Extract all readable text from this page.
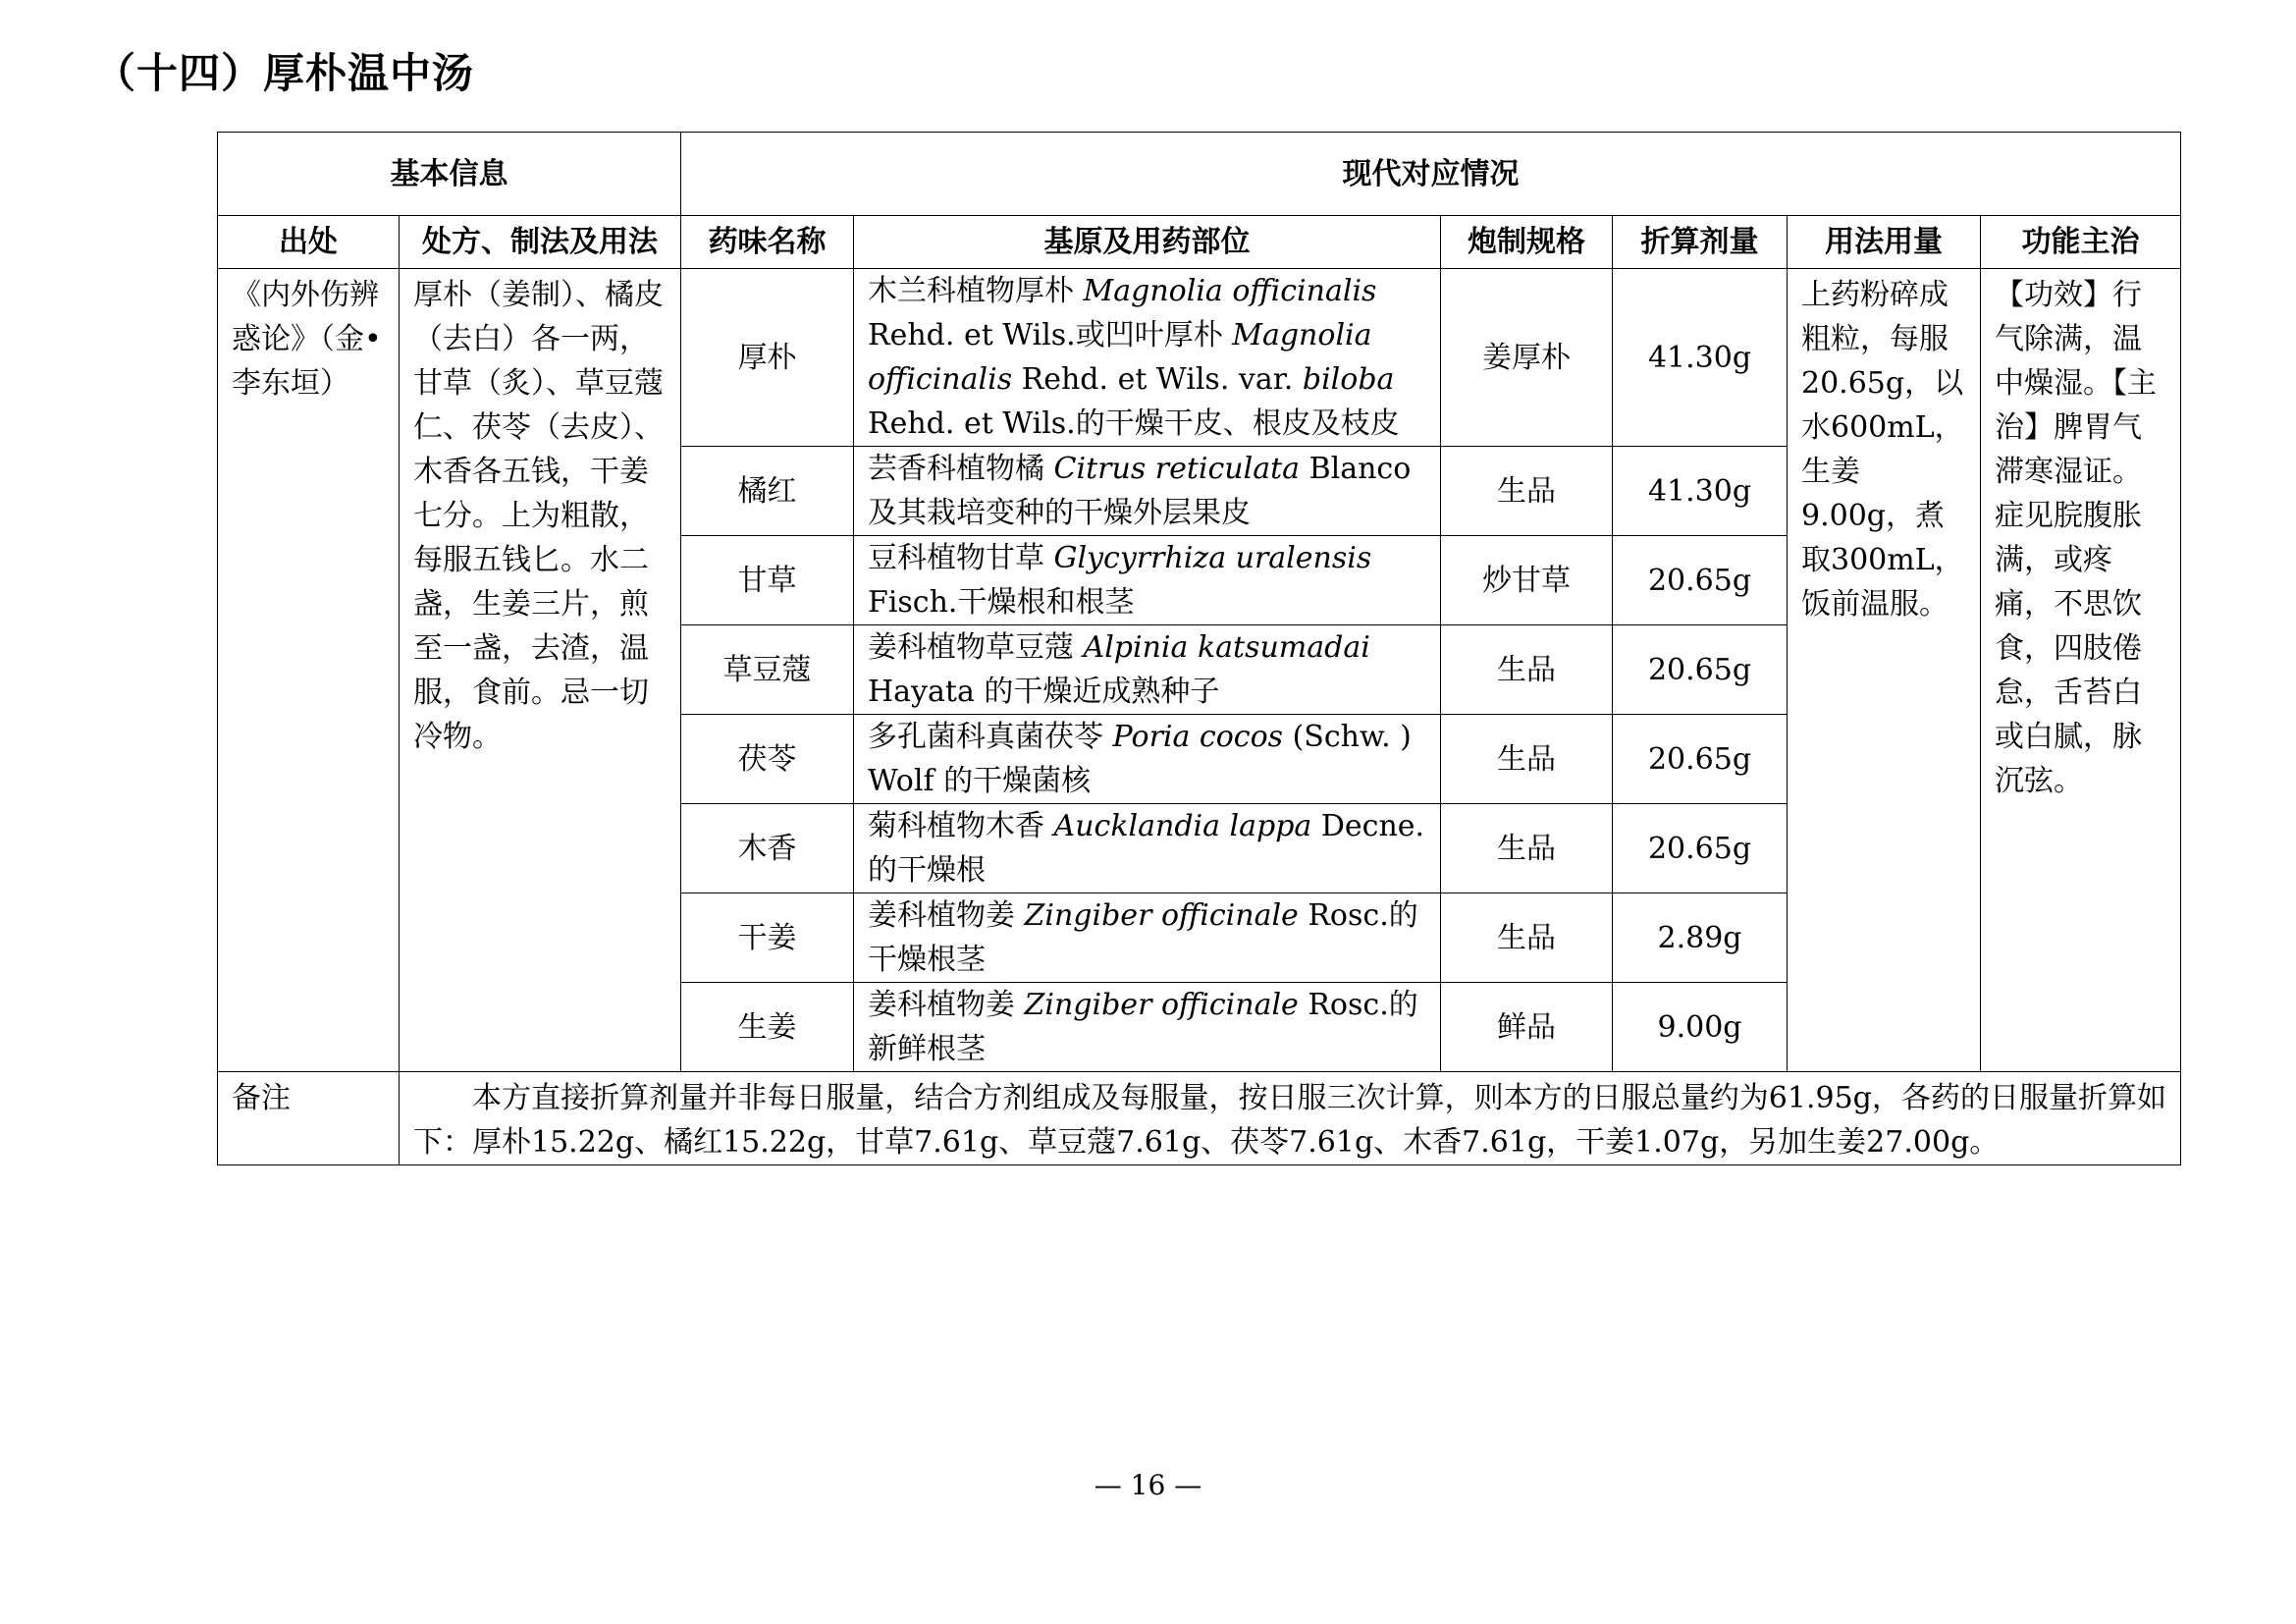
（十四）厚朴温中汤
基本信息		现代对应情况					
出处	处方、制法及用法	药味名称	基原及用药部位	炮制规格	折算剂量	用法用量	功能主治
《内外伤辨惑论》（金•李东垣）	厚朴（姜制）、橘皮（去白）各一两，甘草（炙）、草豆蔻仁、茯苓（去皮）、木香各五钱，干姜七分。上为粗散，每服五钱匕。水二盏，生姜三片，煎至一盏，去渣，温服，食前。忌一切冷物。	厚朴	木兰科植物厚朴 Magnolia officinalis Rehd. et Wils.或凹叶厚朴 Magnolia officinalis Rehd. et Wils. var. biloba Rehd. et Wils.的干燥干皮、根皮及枝皮	姜厚朴	41.30g	上药粉碎成粗粒，每服20.65g，以水600mL，生姜9.00g，煮取300mL，饭前温服。	【功效】行气除满，温中燥湿。【主治】脾胃气滞寒湿证。症见脘腹胀满，或疼痛，不思饮食，四肢倦怠，舌苔白或白腻，脉沉弦。
		橘红	芸香科植物橘 Citrus reticulata Blanco 及其栽培变种的干燥外层果皮	生品	41.30g		
		甘草	豆科植物甘草 Glycyrrhiza uralensis Fisch.干燥根和根茎	炒甘草	20.65g		
		草豆蔻	姜科植物草豆蔻 Alpinia katsumadai Hayata 的干燥近成熟种子	生品	20.65g		
		茯苓	多孔菌科真菌茯苓 Poria cocos (Schw. ) Wolf 的干燥菌核	生品	20.65g		
		木香	菊科植物木香 Aucklandia lappa Decne.的干燥根	生品	20.65g		
		干姜	姜科植物姜 Zingiber officinale Rosc.的干燥根茎	生品	2.89g		
		生姜	姜科植物姜 Zingiber officinale Rosc.的新鲜根茎	鲜品	9.00g		
备注	本方直接折算剂量并非每日服量，结合方剂组成及每服量，按日服三次计算，则本方的日服总量约为61.95g，各药的日服量折算如下：厚朴15.22g、橘红15.22g，甘草7.61g、草豆蔻7.61g、茯苓7.61g、木香7.61g，干姜1.07g，另加生姜27.00g。						
— 16 —
